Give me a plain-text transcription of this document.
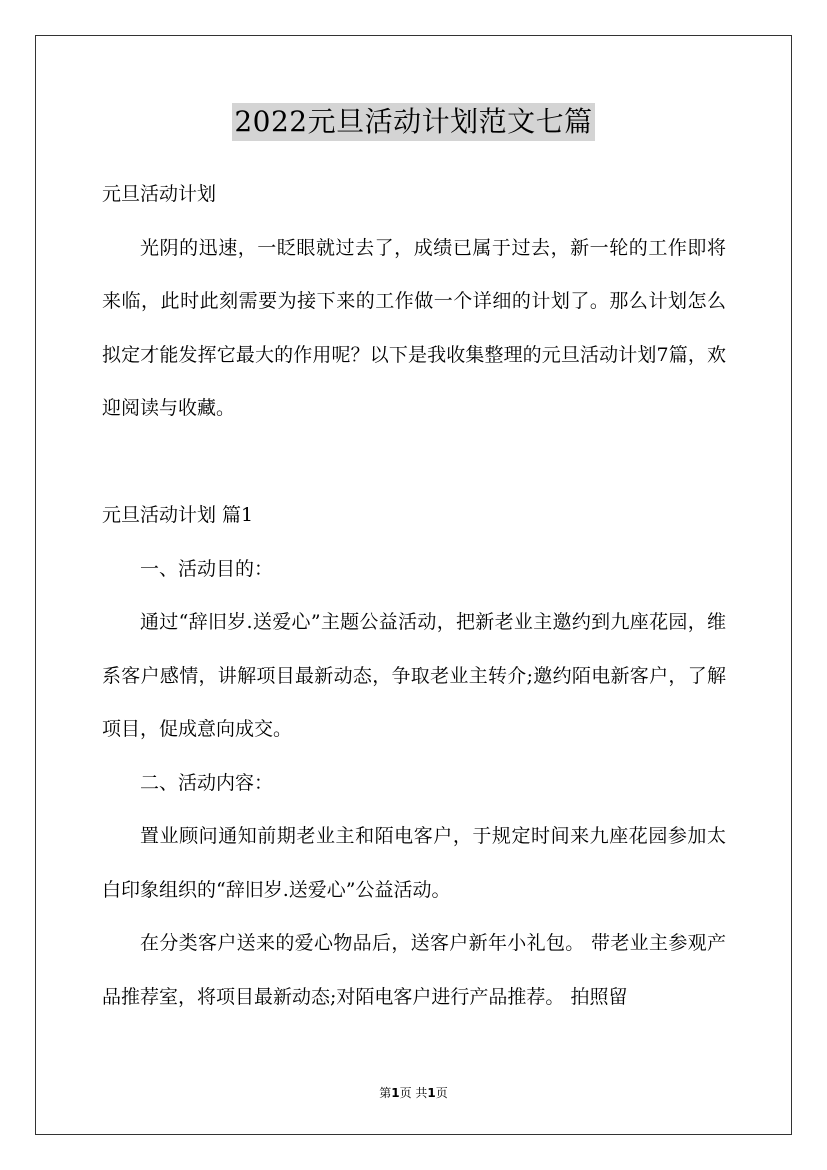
2022元旦活动计划范文七篇

元旦活动计划

光阴的迅速，一眨眼就过去了，成绩已属于过去，新一轮的工作即将来临，此时此刻需要为接下来的工作做一个详细的计划了。那么计划怎么拟定才能发挥它最大的作用呢？以下是我收集整理的元旦活动计划7篇，欢迎阅读与收藏。

元旦活动计划 篇1

一、活动目的：

通过“辞旧岁.送爱心”主题公益活动，把新老业主邀约到九座花园，维系客户感情，讲解项目最新动态，争取老业主转介;邀约陌电新客户，了解项目，促成意向成交。

二、活动内容：

置业顾问通知前期老业主和陌电客户，于规定时间来九座花园参加太白印象组织的“辞旧岁.送爱心”公益活动。

在分类客户送来的爱心物品后，送客户新年小礼包。 带老业主参观产品推荐室，将项目最新动态;对陌电客户进行产品推荐。 拍照留

第1页 共1页
